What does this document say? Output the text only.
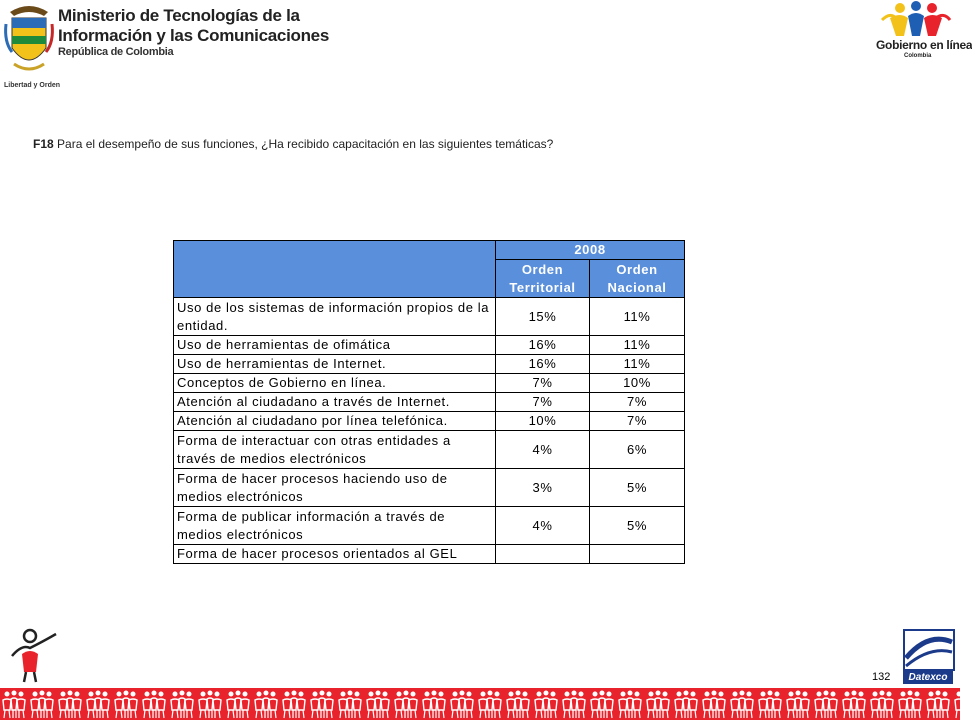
Libertad y Orden
Ministerio de Tecnologías de la
Información y las Comunicaciones
República de Colombia	Gobierno en línea
Colombia
F18 Para el desempeño de sus funciones, ¿Ha recibido capacitación en las siguientes temáticas?
	2008	
	Orden Territorial	Orden Nacional
Uso de los sistemas de información propios de la entidad.	15%	11%
Uso de herramientas de ofimática	16%	11%
Uso de herramientas de Internet.	16%	11%
Conceptos de Gobierno en línea.	7%	10%
Atención al ciudadano a través de Internet.	7%	7%
Atención al ciudadano por línea telefónica.	10%	7%
Forma de interactuar con otras entidades a través de medios electrónicos	4%	6%
Forma de hacer procesos haciendo uso de medios electrónicos	3%	5%
Forma de publicar información a través de medios electrónicos	4%	5%
Forma de hacer procesos orientados al GEL		
132	Datexco
